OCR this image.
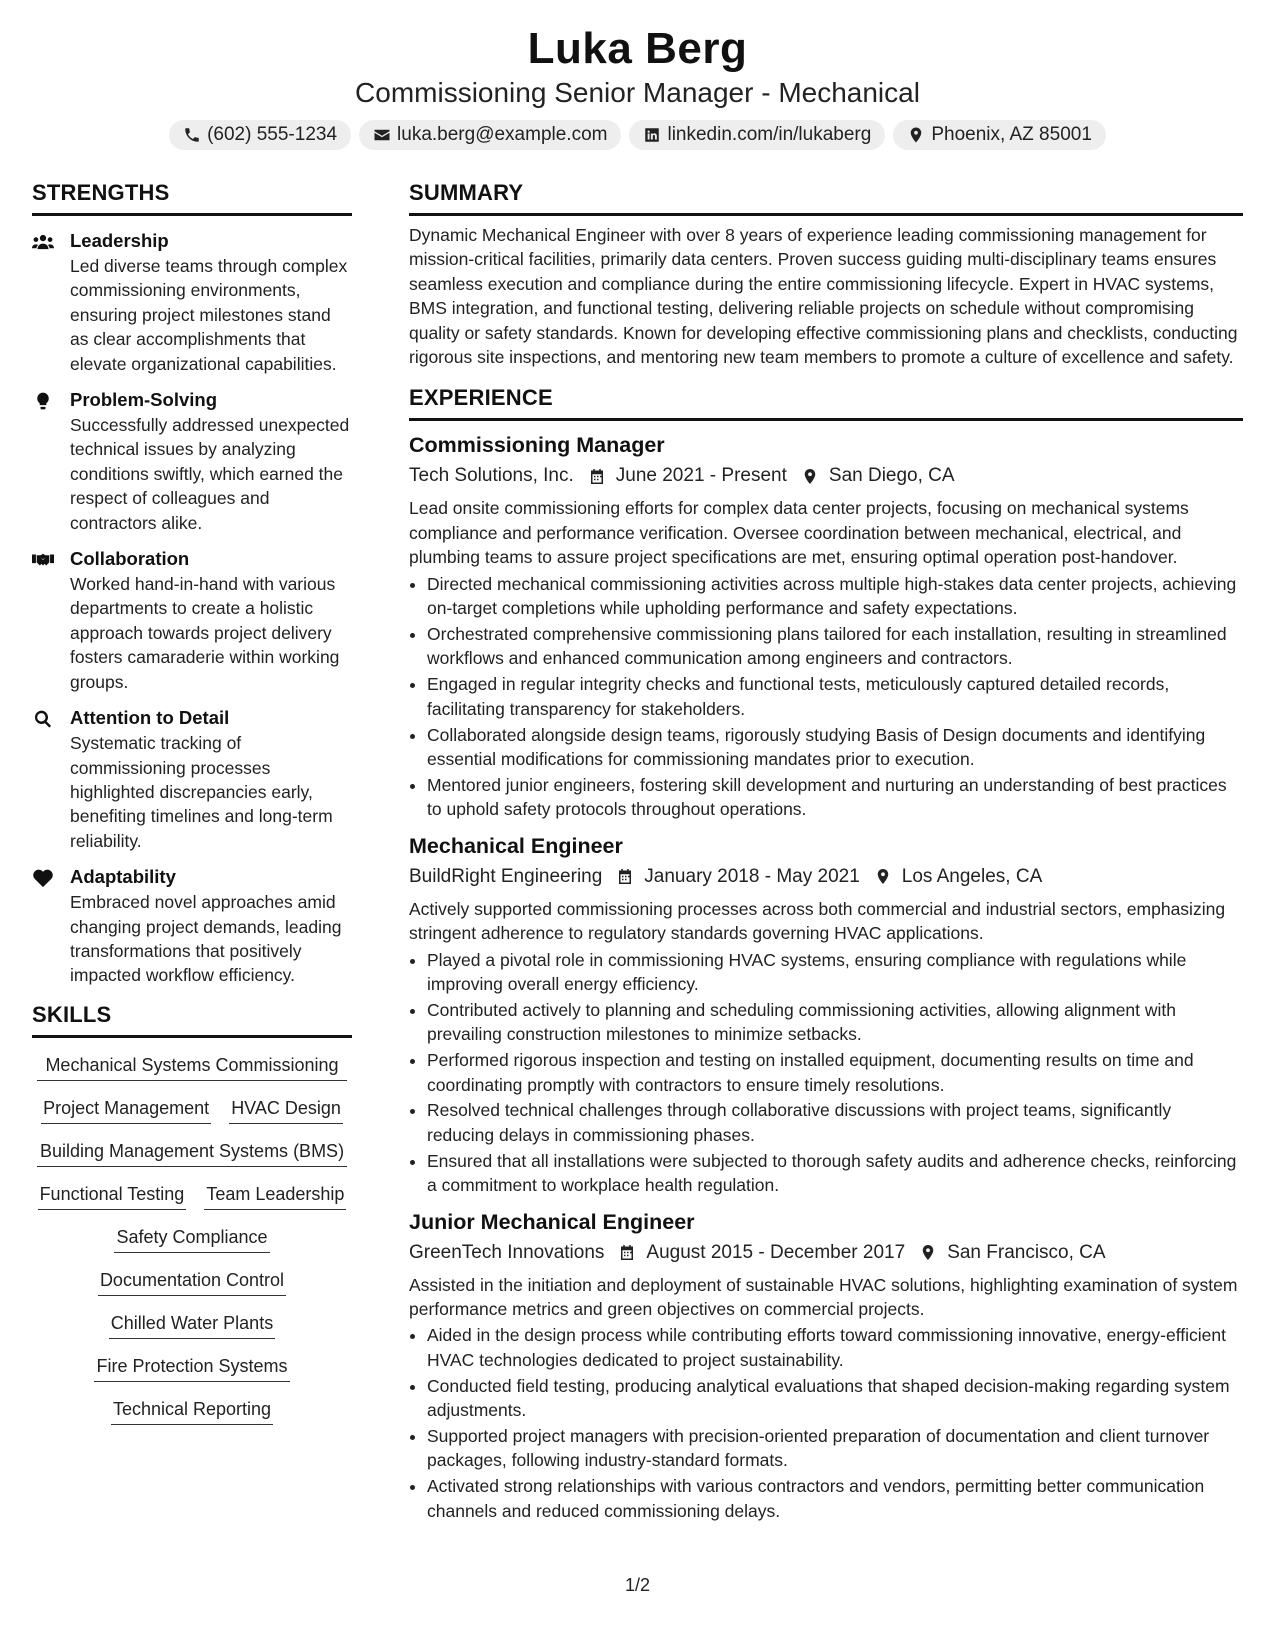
Luka Berg
Commissioning Senior Manager - Mechanical
(602) 555-1234	luka.berg@example.com	linkedin.com/in/lukaberg	Phoenix, AZ 85001
STRENGTHS
Leadership
Led diverse teams through complex commissioning environments, ensuring project milestones stand as clear accomplishments that elevate organizational capabilities.
Problem-Solving
Successfully addressed unexpected technical issues by analyzing conditions swiftly, which earned the respect of colleagues and contractors alike.
Collaboration
Worked hand-in-hand with various departments to create a holistic approach towards project delivery fosters camaraderie within working groups.
Attention to Detail
Systematic tracking of commissioning processes highlighted discrepancies early, benefiting timelines and long-term reliability.
Adaptability
Embraced novel approaches amid changing project demands, leading transformations that positively impacted workflow efficiency.
SKILLS
Mechanical Systems Commissioning
Project Management HVAC Design
Building Management Systems (BMS)
Functional Testing Team Leadership
Safety Compliance
Documentation Control
Chilled Water Plants
Fire Protection Systems
Technical Reporting
SUMMARY
Dynamic Mechanical Engineer with over 8 years of experience leading commissioning management for mission-critical facilities, primarily data centers. Proven success guiding multi-disciplinary teams ensures seamless execution and compliance during the entire commissioning lifecycle. Expert in HVAC systems, BMS integration, and functional testing, delivering reliable projects on schedule without compromising quality or safety standards. Known for developing effective commissioning plans and checklists, conducting rigorous site inspections, and mentoring new team members to promote a culture of excellence and safety.
EXPERIENCE
Commissioning Manager
Tech Solutions, Inc. June 2021 - Present San Diego, CA
Lead onsite commissioning efforts for complex data center projects, focusing on mechanical systems compliance and performance verification. Oversee coordination between mechanical, electrical, and plumbing teams to assure project specifications are met, ensuring optimal operation post-handover.
• Directed mechanical commissioning activities across multiple high-stakes data center projects, achieving on-target completions while upholding performance and safety expectations.
• Orchestrated comprehensive commissioning plans tailored for each installation, resulting in streamlined workflows and enhanced communication among engineers and contractors.
• Engaged in regular integrity checks and functional tests, meticulously captured detailed records, facilitating transparency for stakeholders.
• Collaborated alongside design teams, rigorously studying Basis of Design documents and identifying essential modifications for commissioning mandates prior to execution.
• Mentored junior engineers, fostering skill development and nurturing an understanding of best practices to uphold safety protocols throughout operations.
Mechanical Engineer
BuildRight Engineering January 2018 - May 2021 Los Angeles, CA
Actively supported commissioning processes across both commercial and industrial sectors, emphasizing stringent adherence to regulatory standards governing HVAC applications.
• Played a pivotal role in commissioning HVAC systems, ensuring compliance with regulations while improving overall energy efficiency.
• Contributed actively to planning and scheduling commissioning activities, allowing alignment with prevailing construction milestones to minimize setbacks.
• Performed rigorous inspection and testing on installed equipment, documenting results on time and coordinating promptly with contractors to ensure timely resolutions.
• Resolved technical challenges through collaborative discussions with project teams, significantly reducing delays in commissioning phases.
• Ensured that all installations were subjected to thorough safety audits and adherence checks, reinforcing a commitment to workplace health regulation.
Junior Mechanical Engineer
GreenTech Innovations August 2015 - December 2017 San Francisco, CA
Assisted in the initiation and deployment of sustainable HVAC solutions, highlighting examination of system performance metrics and green objectives on commercial projects.
• Aided in the design process while contributing efforts toward commissioning innovative, energy-efficient HVAC technologies dedicated to project sustainability.
• Conducted field testing, producing analytical evaluations that shaped decision-making regarding system adjustments.
• Supported project managers with precision-oriented preparation of documentation and client turnover packages, following industry-standard formats.
• Activated strong relationships with various contractors and vendors, permitting better communication channels and reduced commissioning delays.
1/2
